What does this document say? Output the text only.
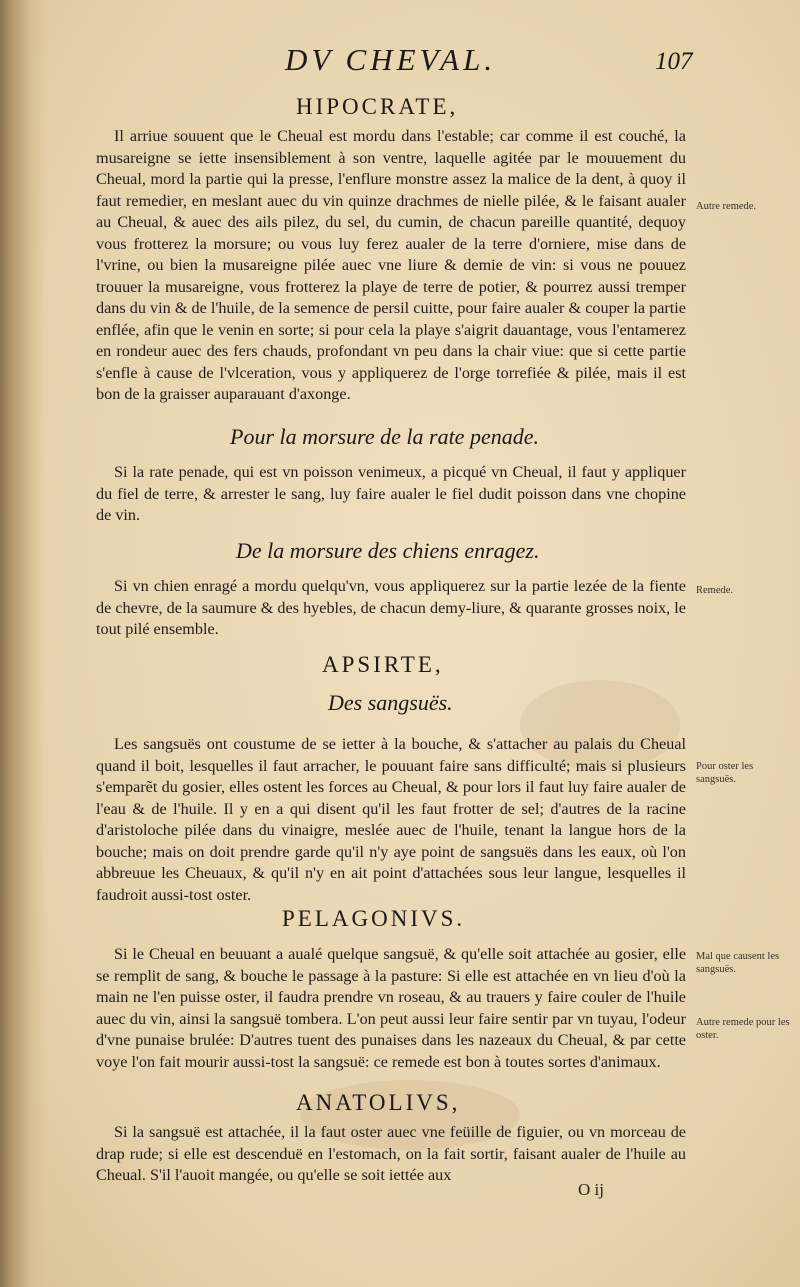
DV CHEVAL.	107
HIPOCRATE,

Il arriue souuent que le Cheual est mordu dans l'estable; car comme il est couché, la musareigne se iette insensiblement à son ventre, laquelle agitée par le mouuement du Cheual, mord la partie qui la presse, l'enflure monstre assez la malice de la dent, à quoy il faut remedier, en meslant auec du vin quinze drachmes de nielle pilée, & le faisant aualer au Cheual, & auec des ails pilez, du sel, du cumin, de chacun pareille quantité, dequoy vous frotterez la morsure; ou vous luy ferez aualer de la terre d'orniere, mise dans de l'vrine, ou bien la musareigne pilée auec vne liure & demie de vin: si vous ne pouuez trouuer la musareigne, vous frotterez la playe de terre de potier, & pourrez aussi tremper dans du vin & de l'huile, de la semence de persil cuitte, pour faire aualer & couper la partie enflée, afin que le venin en sorte; si pour cela la playe s'aigrit dauantage, vous l'entamerez en rondeur auec des fers chauds, profondant vn peu dans la chair viue: que si cette partie s'enfle à cause de l'vlceration, vous y appliquerez de l'orge torrefiée & pilée, mais il est bon de la graisser auparauant d'axonge.

Pour la morsure de la rate penade.

Si la rate penade, qui est vn poisson venimeux, a picqué vn Cheual, il faut y appliquer du fiel de terre, & arrester le sang, luy faire aualer le fiel dudit poisson dans vne chopine de vin.

De la morsure des chiens enragez.

Si vn chien enragé a mordu quelqu'vn, vous appliquerez sur la partie lezée de la fiente de chevre, de la saumure & des hyebles, de chacun demy-liure, & quarante grosses noix, le tout pilé ensemble.

APSIRTE,
Des sangsuës.

Les sangsuës ont coustume de se ietter à la bouche, & s'attacher au palais du Cheual quand il boit, lesquelles il faut arracher, le pouuant faire sans difficulté; mais si plusieurs s'emparẽt du gosier, elles ostent les forces au Cheual, & pour lors il faut luy faire aualer de l'eau & de l'huile. Il y en a qui disent qu'il les faut frotter de sel; d'autres de la racine d'aristoloche pilée dans du vinaigre, meslée auec de l'huile, tenant la langue hors de la bouche; mais on doit prendre garde qu'il n'y aye point de sangsuës dans les eaux, où l'on abbreuue les Cheuaux, & qu'il n'y en ait point d'attachées sous leur langue, lesquelles il faudroit aussi-tost oster.

PELAGONIVS.

Si le Cheual en beuuant a aualé quelque sangsuë, & qu'elle soit attachée au gosier, elle se remplit de sang, & bouche le passage à la pasture: Si elle est attachée en vn lieu d'où la main ne l'en puisse oster, il faudra prendre vn roseau, & au trauers y faire couler de l'huile auec du vin, ainsi la sangsuë tombera. L'on peut aussi leur faire sentir par vn tuyau, l'odeur d'vne punaise brulée: D'autres tuent des punaises dans les nazeaux du Cheual, & par cette voye l'on fait mourir aussi-tost la sangsuë: ce remede est bon à toutes sortes d'animaux.

ANATOLIVS,

Si la sangsuë est attachée, il la faut oster auec vne feüille de figuier, ou vn morceau de drap rude; si elle est descenduë en l'estomach, on la fait sortir, faisant aualer de l'huile au Cheual. S'il l'auoit mangée, ou qu'elle se soit iettée aux

Autre remede.
Remede.
Pour oster les sangsuës.
Mal que causent les sangsuës.
Autre remede pour les oster.
O ij
